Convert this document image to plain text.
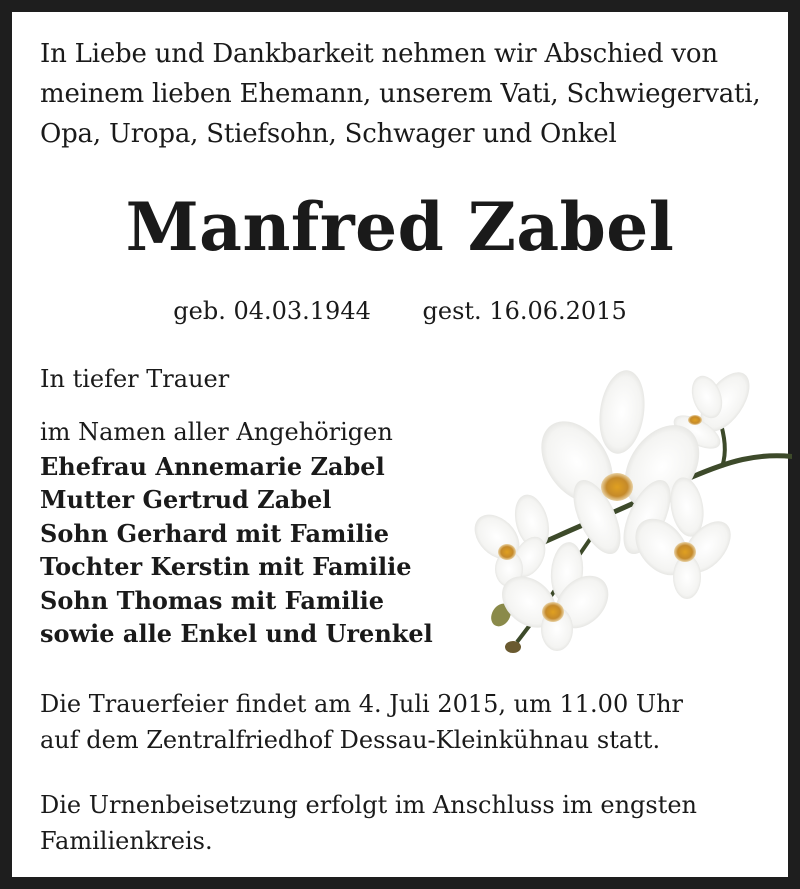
In Liebe und Dankbarkeit nehmen wir Abschied von
meinem lieben Ehemann, unserem Vati, Schwiegervati,
Opa, Uropa, Stiefsohn, Schwager und Onkel
Manfred Zabel
geb. 04.03.1944 gest. 16.06.2015
In tiefer Trauer
im Namen aller Angehörigen
Ehefrau Annemarie Zabel
Mutter Gertrud Zabel
Sohn Gerhard mit Familie
Tochter Kerstin mit Familie
Sohn Thomas mit Familie
sowie alle Enkel und Urenkel
Die Trauerfeier findet am 4. Juli 2015, um 11.00 Uhr
auf dem Zentralfriedhof Dessau-Kleinkühnau statt.
Die Urnenbeisetzung erfolgt im Anschluss im engsten
Familienkreis.
